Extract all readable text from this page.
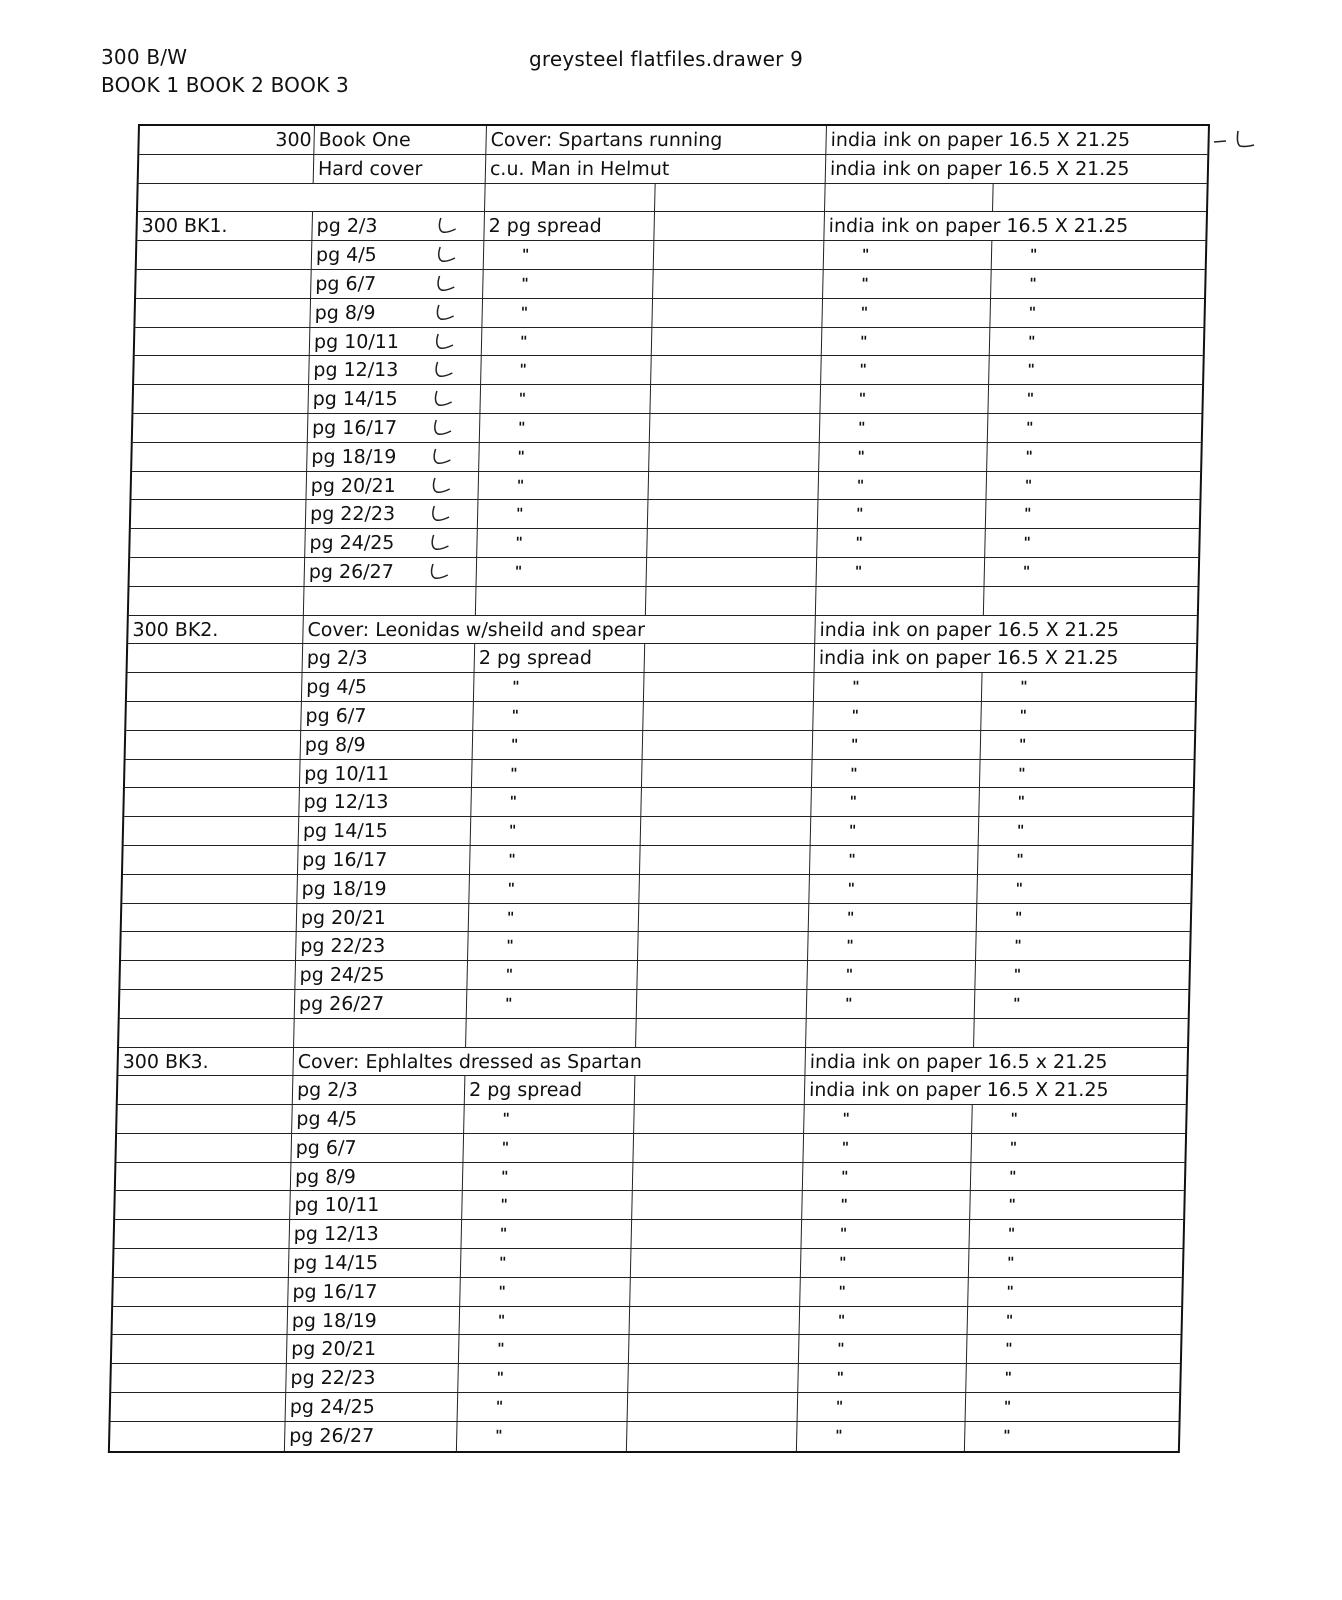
300 B/W
BOOK 1 BOOK 2 BOOK 3
greysteel flatfiles.drawer 9
300 Book One	Cover: Spartans running	india ink on paper 16.5 X 21.25
Hard cover	c.u. Man in Helmut	india ink on paper 16.5 X 21.25
300 BK1.	pg 2/3	2 pg spread	india ink on paper 16.5 X 21.25
pg 4/5	"	"	"
pg 6/7	"	"	"
pg 8/9	"	"	"
pg 10/11	"	"	"
pg 12/13	"	"	"
pg 14/15	"	"	"
pg 16/17	"	"	"
pg 18/19	"	"	"
pg 20/21	"	"	"
pg 22/23	"	"	"
pg 24/25	"	"	"
pg 26/27	"	"	"
300 BK2.	Cover: Leonidas w/sheild and spear	india ink on paper 16.5 X 21.25
pg 2/3	2 pg spread	india ink on paper 16.5 X 21.25
pg 4/5	"	"	"
pg 6/7	"	"	"
pg 8/9	"	"	"
pg 10/11	"	"	"
pg 12/13	"	"	"
pg 14/15	"	"	"
pg 16/17	"	"	"
pg 18/19	"	"	"
pg 20/21	"	"	"
pg 22/23	"	"	"
pg 24/25	"	"	"
pg 26/27	"	"	"
300 BK3.	Cover: Ephlaltes dressed as Spartan	india ink on paper 16.5 x 21.25
pg 2/3	2 pg spread	india ink on paper 16.5 X 21.25
pg 4/5	"	"	"
pg 6/7	"	"	"
pg 8/9	"	"	"
pg 10/11	"	"	"
pg 12/13	"	"	"
pg 14/15	"	"	"
pg 16/17	"	"	"
pg 18/19	"	"	"
pg 20/21	"	"	"
pg 22/23	"	"	"
pg 24/25	"	"	"
pg 26/27	"	"	"
